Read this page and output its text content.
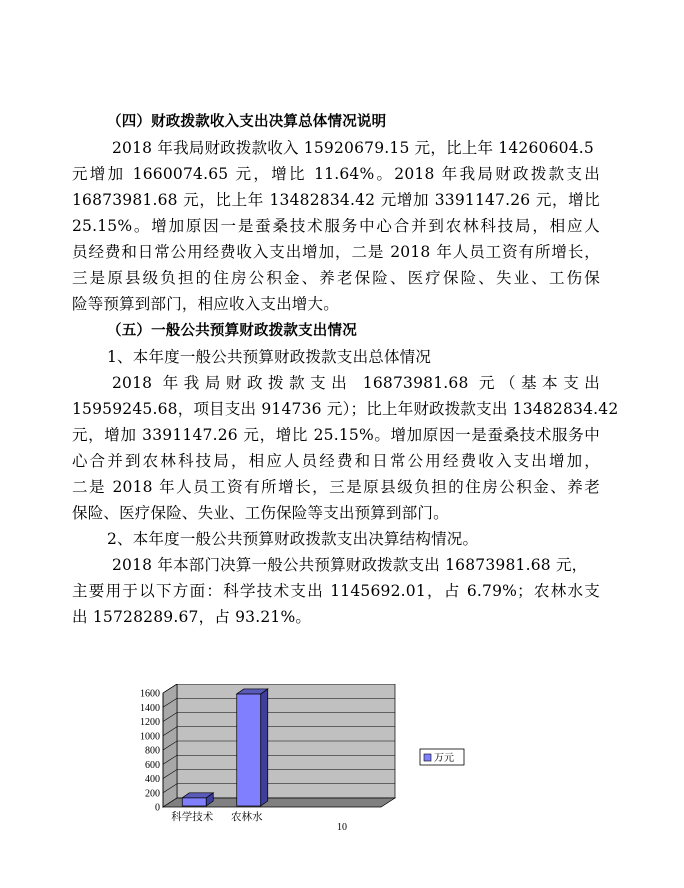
（四）财政拨款收入支出决算总体情况说明
2018 年我局财政拨款收入 15920679.15 元，比上年 14260604.5
元增加 1660074.65 元，增比 11.64%。2018 年我局财政拨款支出
16873981.68 元，比上年 13482834.42 元增加 3391147.26 元，增比
25.15%。增加原因一是蚕桑技术服务中心合并到农林科技局，相应人
员经费和日常公用经费收入支出增加，二是 2018 年人员工资有所增长，
三是原县级负担的住房公积金、养老保险、医疗保险、失业、工伤保
险等预算到部门，相应收入支出增大。
（五）一般公共预算财政拨款支出情况
1、本年度一般公共预算财政拨款支出总体情况
2018 年我局财政拨款支出 16873981.68 元（基本支出
15959245.68，项目支出 914736 元）；比上年财政拨款支出 13482834.42
元，增加 3391147.26 元，增比 25.15%。增加原因一是蚕桑技术服务中
心合并到农林科技局，相应人员经费和日常公用经费收入支出增加，
二是 2018 年人员工资有所增长，三是原县级负担的住房公积金、养老
保险、医疗保险、失业、工伤保险等支出预算到部门。
2、本年度一般公共预算财政拨款支出决算结构情况。
2018 年本部门决算一般公共预算财政拨款支出 16873981.68 元，
主要用于以下方面：科学技术支出 1145692.01，占 6.79%；农林水支
出 15728289.67，占 93.21%。
0
200
400
600
800
1000
1200
1400
1600
科学技术 农林水
万元
10
